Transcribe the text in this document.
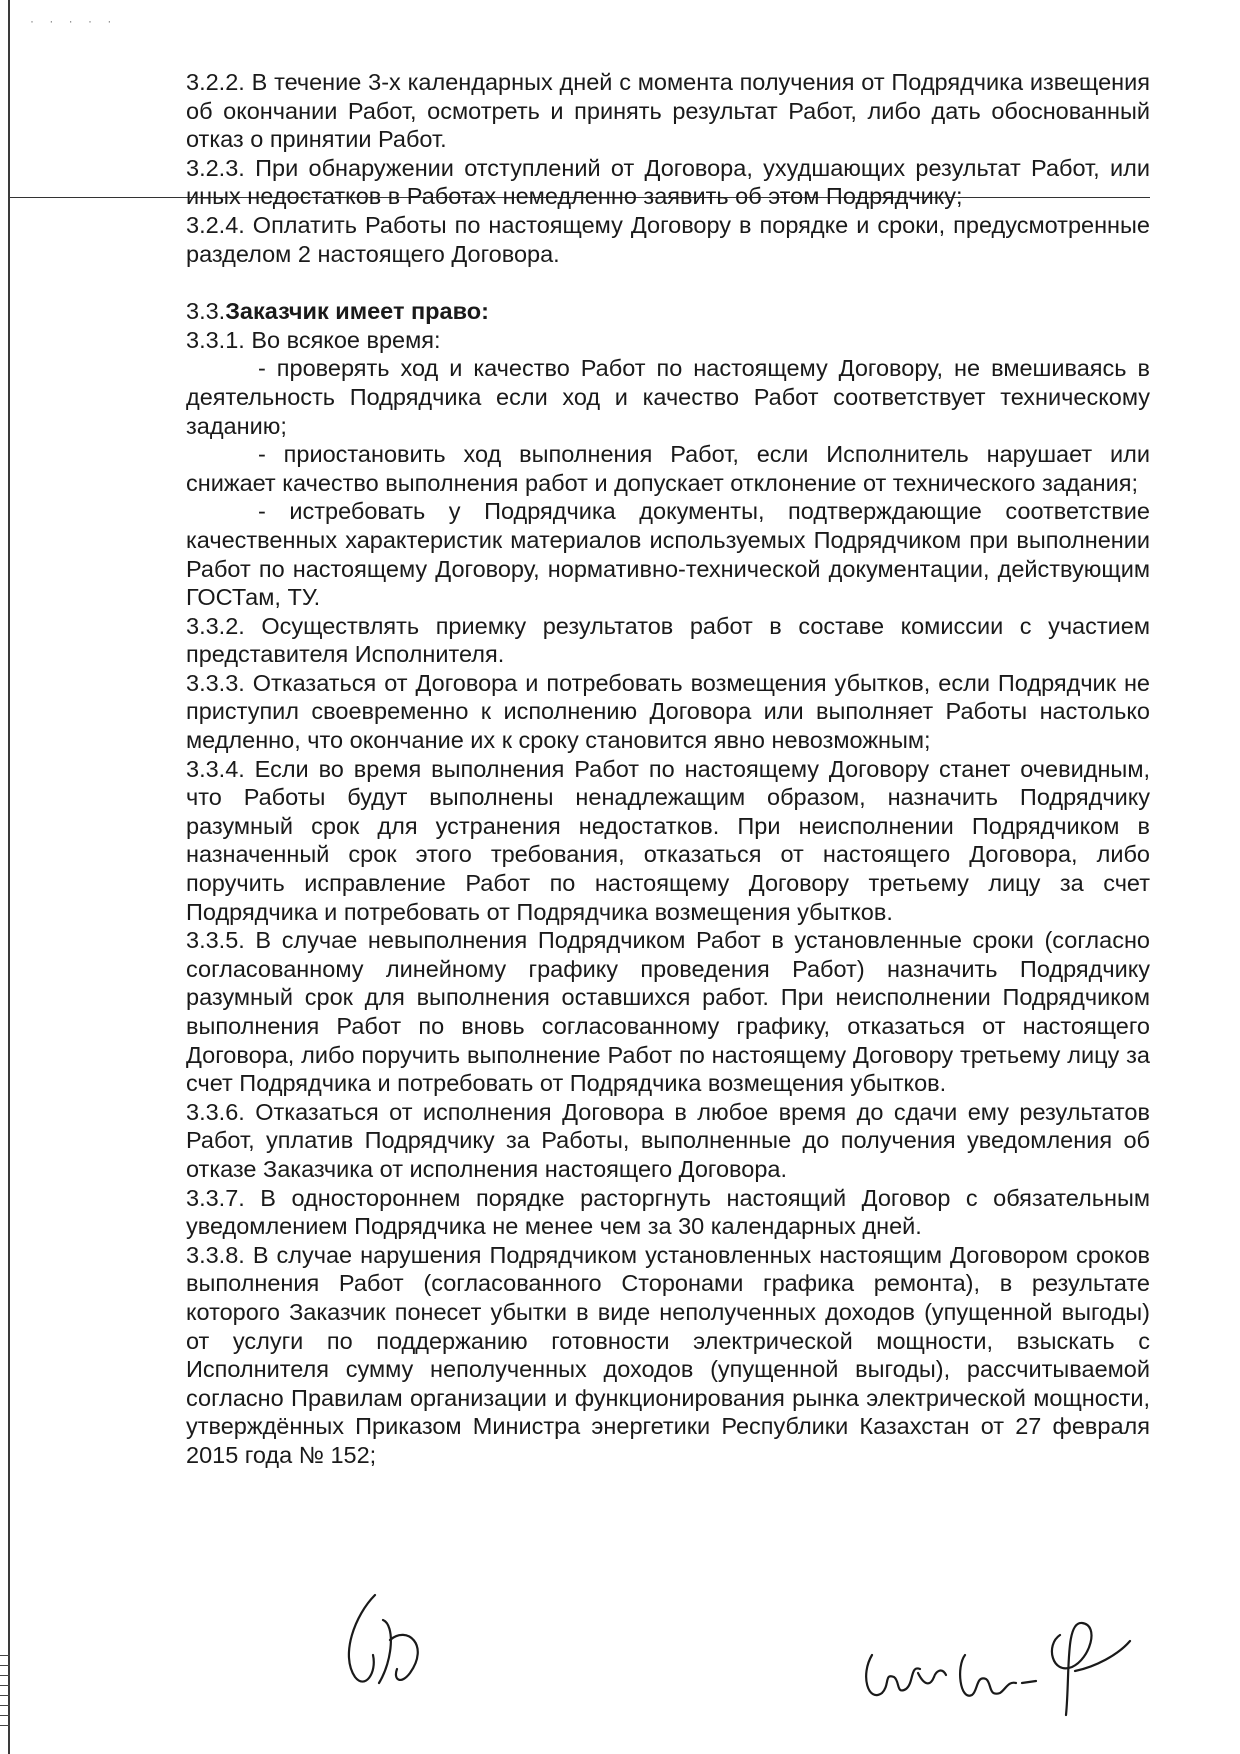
· · · · ·

3.2.2. В течение 3-х календарных дней с момента получения от Подрядчика извещения об окончании Работ, осмотреть и принять результат Работ, либо дать обоснованный отказ о принятии Работ.

3.2.3. При обнаружении отступлений от Договора, ухудшающих результат Работ, или иных недостатков в Работах немедленно заявить об этом Подрядчику;

3.2.4. Оплатить Работы по настоящему Договору в порядке и сроки, предусмотренные разделом 2 настоящего Договора.

3.3.Заказчик имеет право:

3.3.1. Во всякое время:

- проверять ход и качество Работ по настоящему Договору, не вмешиваясь в деятельность Подрядчика если ход и качество Работ соответствует техническому заданию;

- приостановить ход выполнения Работ, если Исполнитель нарушает или снижает качество выполнения работ и допускает отклонение от технического задания;

- истребовать у Подрядчика документы, подтверждающие соответствие качественных характеристик материалов используемых Подрядчиком при выполнении Работ по настоящему Договору, нормативно-технической документации, действующим ГОСТам, ТУ.

3.3.2. Осуществлять приемку результатов работ в составе комиссии с участием представителя Исполнителя.

3.3.3. Отказаться от Договора и потребовать возмещения убытков, если Подрядчик не приступил своевременно к исполнению Договора или выполняет Работы настолько медленно, что окончание их к сроку становится явно невозможным;

3.3.4. Если во время выполнения Работ по настоящему Договору станет очевидным, что Работы будут выполнены ненадлежащим образом, назначить Подрядчику разумный срок для устранения недостатков. При неисполнении Подрядчиком в назначенный срок этого требования, отказаться от настоящего Договора, либо поручить исправление Работ по настоящему Договору третьему лицу за счет Подрядчика и потребовать от Подрядчика возмещения убытков.

3.3.5. В случае невыполнения Подрядчиком Работ в установленные сроки (согласно согласованному линейному графику проведения Работ) назначить Подрядчику разумный срок для выполнения оставшихся работ. При неисполнении Подрядчиком выполнения Работ по вновь согласованному графику, отказаться от настоящего Договора, либо поручить выполнение Работ по настоящему Договору третьему лицу за счет Подрядчика и потребовать от Подрядчика возмещения убытков.

3.3.6. Отказаться от исполнения Договора в любое время до сдачи ему результатов Работ, уплатив Подрядчику за Работы, выполненные до получения уведомления об отказе Заказчика от исполнения настоящего Договора.

3.3.7. В одностороннем порядке расторгнуть настоящий Договор с обязательным уведомлением Подрядчика не менее чем за 30 календарных дней.

3.3.8. В случае нарушения Подрядчиком установленных настоящим Договором сроков выполнения Работ (согласованного Сторонами графика ремонта), в результате которого Заказчик понесет убытки в виде неполученных доходов (упущенной выгоды) от услуги по поддержанию готовности электрической мощности, взыскать с Исполнителя сумму неполученных доходов (упущенной выгоды), рассчитываемой согласно Правилам организации и функционирования рынка электрической мощности, утверждённых Приказом Министра энергетики Республики Казахстан от 27 февраля 2015 года № 152;
